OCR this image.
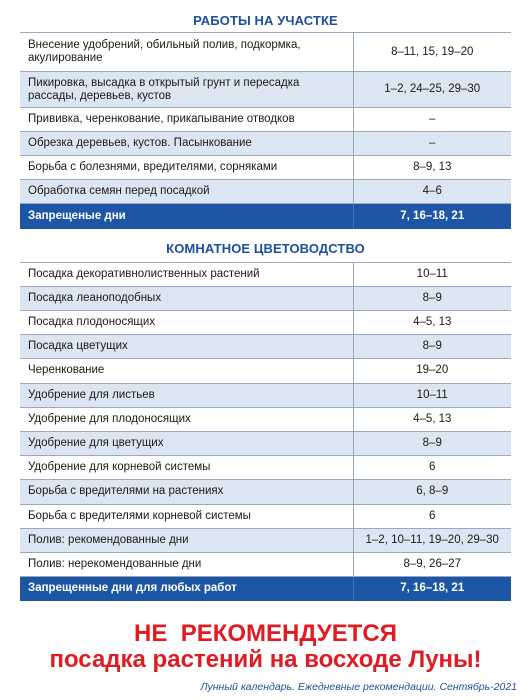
РАБОТЫ НА УЧАСТКЕ
Внесение удобрений, обильный полив, подкормка, акулирование	8–11, 15, 19–20
Пикировка, высадка в открытый грунт и пересадка рассады, деревьев, кустов	1–2, 24–25, 29–30
Прививка, черенкование, прикапывание отводков	–
Обрезка деревьев, кустов. Пасынкование	–
Борьба с болезнями, вредителями, сорняками	8–9, 13
Обработка семян перед посадкой	4–6
Запрещеные дни	7, 16–18, 21
КОМНАТНОЕ ЦВЕТОВОДСТВО
Посадка декоративнолиственных растений	10–11
Посадка леаноподобных	8–9
Посадка плодоносящих	4–5, 13
Посадка цветущих	8–9
Черенкование	19–20
Удобрение для листьев	10–11
Удобрение для плодоносящих	4–5, 13
Удобрение для цветущих	8–9
Удобрение для корневой системы	6
Борьба с вредителями на растениях	6, 8–9
Борьба с вредителями корневой системы	6
Полив: рекомендованные дни	1–2, 10–11, 19–20, 29–30
Полив: нерекомендованные дни	8–9, 26–27
Запрещенные дни для любых работ	7, 16–18, 21
НЕ  РЕКОМЕНДУЕТСЯ
посадка растений на восходе Луны!
Лунный календарь. Ежедневные рекомендации. Сентябрь-2021
